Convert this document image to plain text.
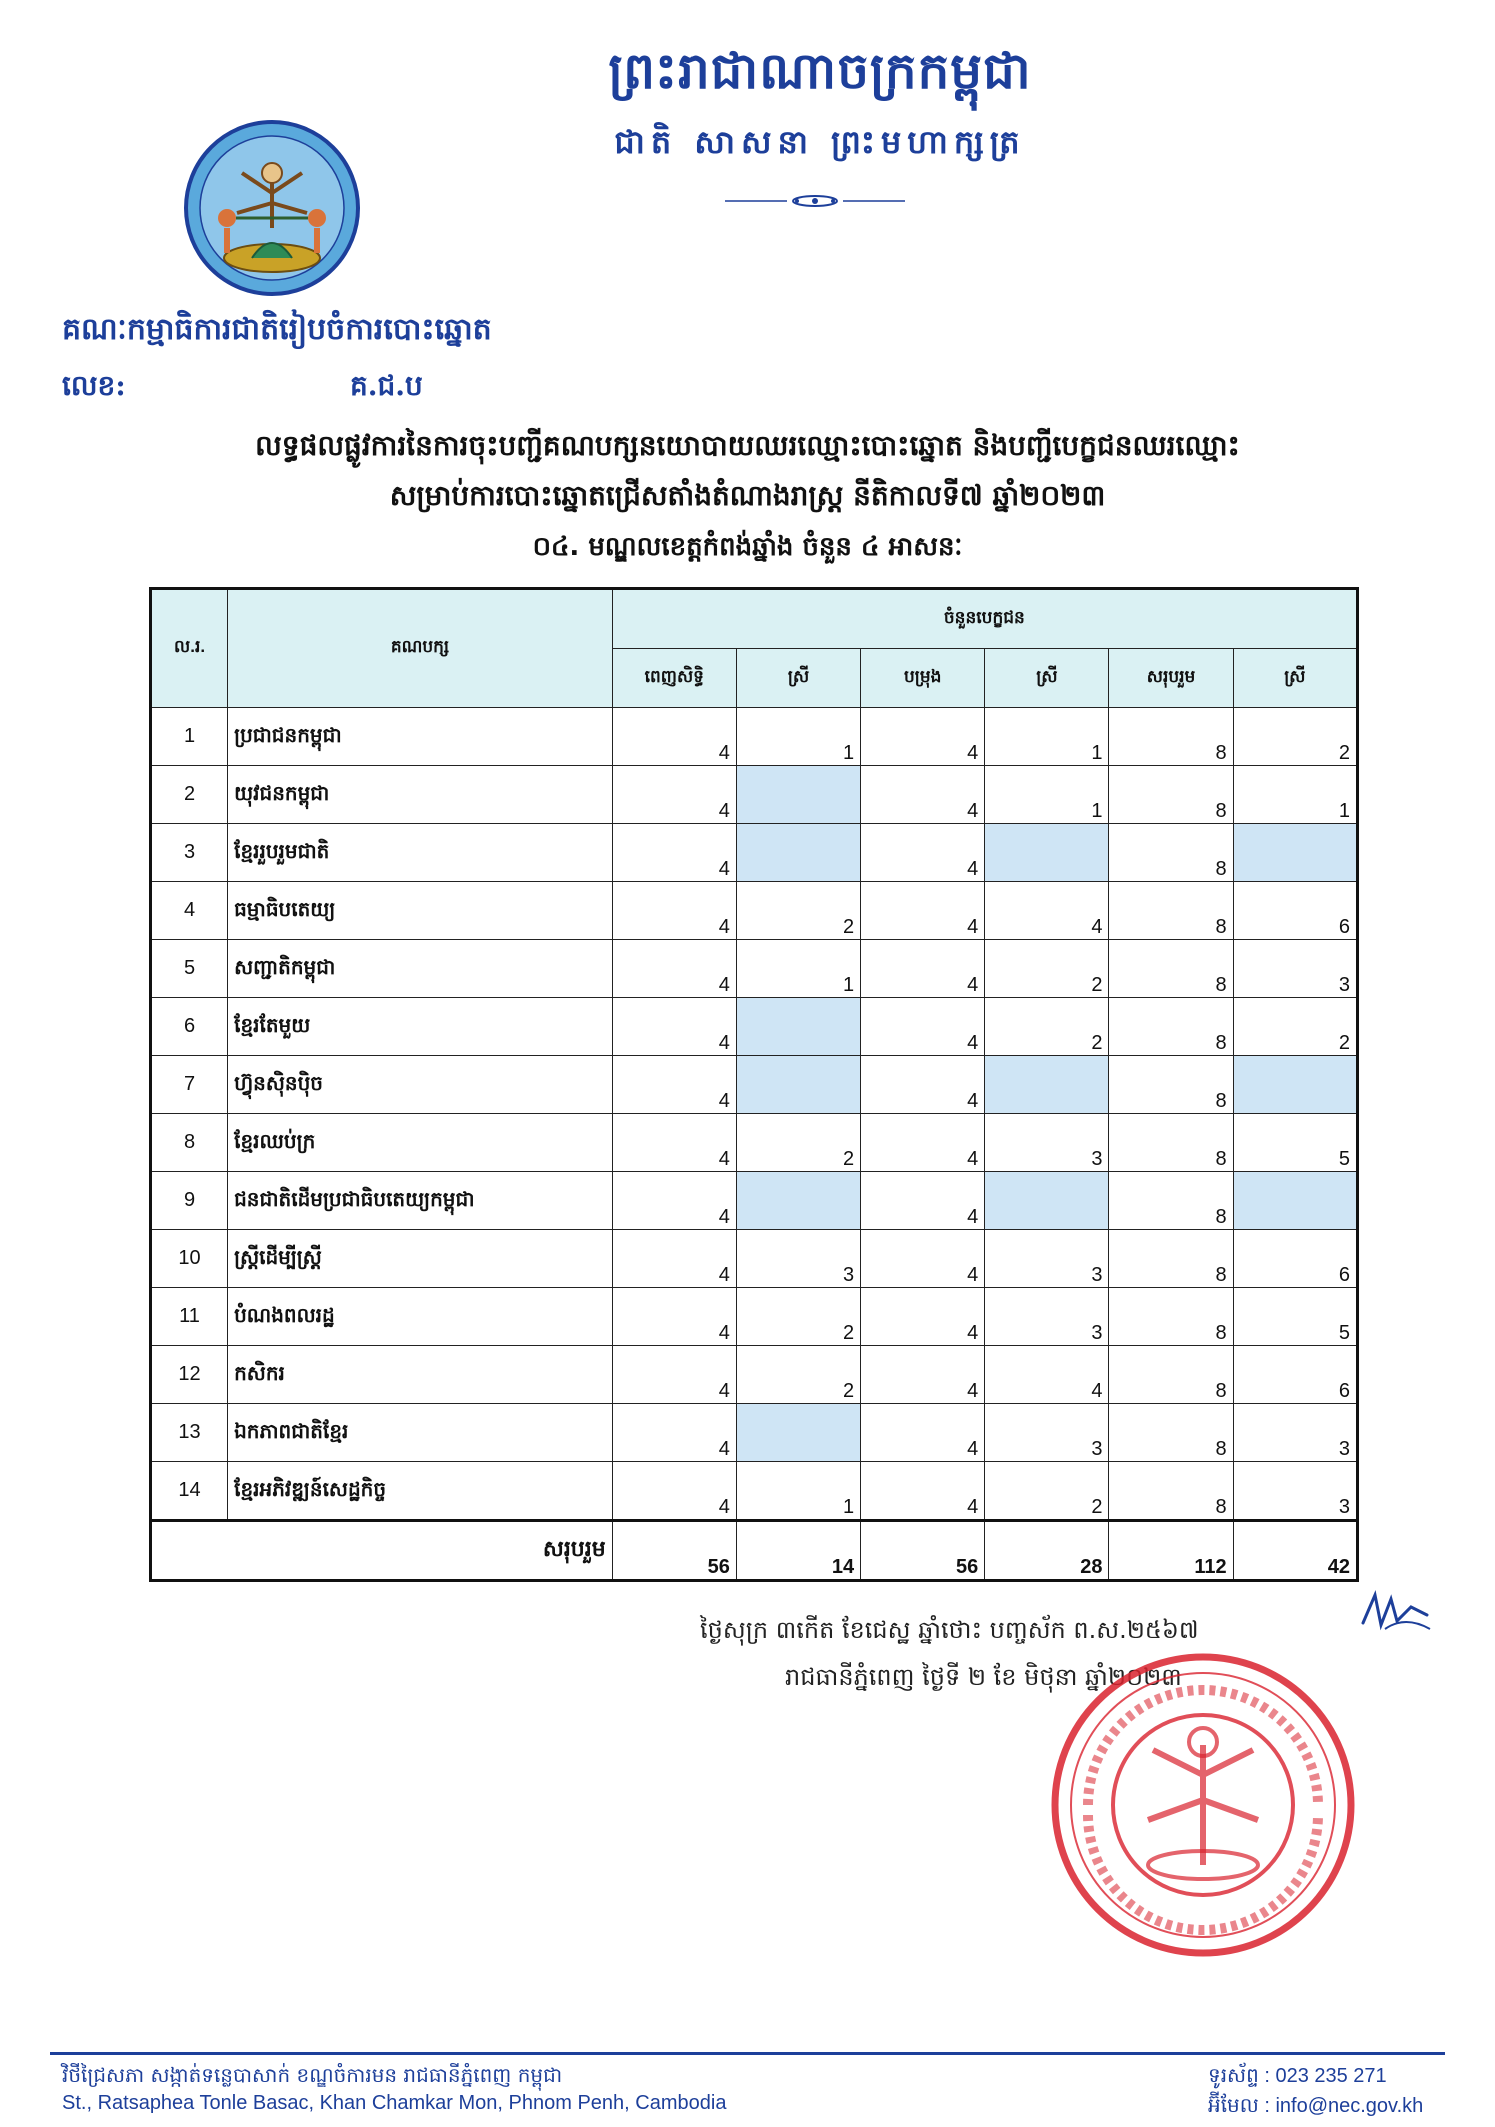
ព្រះរាជាណាចក្រកម្ពុជា
ជាតិ សាសនា ព្រះមហាក្សត្រ
គណៈកម្មាធិការជាតិរៀបចំការបោះឆ្នោត
លេខ:	គ.ជ.ប
លទ្ធផលផ្លូវការនៃការចុះបញ្ជីគណបក្សនយោបាយឈរឈ្មោះបោះឆ្នោត និងបញ្ជីបេក្ខជនឈរឈ្មោះ
សម្រាប់ការបោះឆ្នោតជ្រើសតាំងតំណាងរាស្ត្រ នីតិកាលទី៧ ឆ្នាំ២០២៣
០៤. មណ្ឌលខេត្តកំពង់ឆ្នាំង ចំនួន ៤ អាសនៈ
ល.រ.	គណបក្ស	ចំនួនបេក្ខជន					
		ពេញសិទ្ធិ	ស្រី	បម្រុង	ស្រី	សរុបរួម	ស្រី
1	ប្រជាជនកម្ពុជា	4	1	4	1	8	2
2	យុវជនកម្ពុជា	4		4	1	8	1
3	ខ្មែររួបរួមជាតិ	4		4		8	
4	ធម្មាធិបតេយ្យ	4	2	4	4	8	6
5	សញ្ជាតិកម្ពុជា	4	1	4	2	8	3
6	ខ្មែរតែមួយ	4		4	2	8	2
7	ហ៊្វុនស៊ិនប៉ិច	4		4		8	
8	ខ្មែរឈប់ក្រ	4	2	4	3	8	5
9	ជនជាតិដើមប្រជាធិបតេយ្យកម្ពុជា	4		4		8	
10	ស្ត្រីដើម្បីស្ត្រី	4	3	4	3	8	6
11	បំណងពលរដ្ឋ	4	2	4	3	8	5
12	កសិករ	4	2	4	4	8	6
13	ឯកភាពជាតិខ្មែរ	4		4	3	8	3
14	ខ្មែរអភិវឌ្ឍន៍សេដ្ឋកិច្ច	4	1	4	2	8	3
សរុបរួម		56	14	56	28	112	42
ថ្ងៃសុក្រ ៣កើត ខែជេស្ឋ ឆ្នាំថោះ បញ្ចស័ក ព.ស.២៥៦៧
រាជធានីភ្នំពេញ ថ្ងៃទី ២ ខែ មិថុនា ឆ្នាំ២០២៣
វិថីជ្រៃសភា សង្កាត់ទន្លេបាសាក់ ខណ្ឌចំការមន រាជធានីភ្នំពេញ កម្ពុជា
St., Ratsaphea Tonle Basac, Khan Chamkar Mon, Phnom Penh, Cambodia
ទូរស័ព្ទ : 023 235 271
អ៊ីមែល : info@nec.gov.kh
